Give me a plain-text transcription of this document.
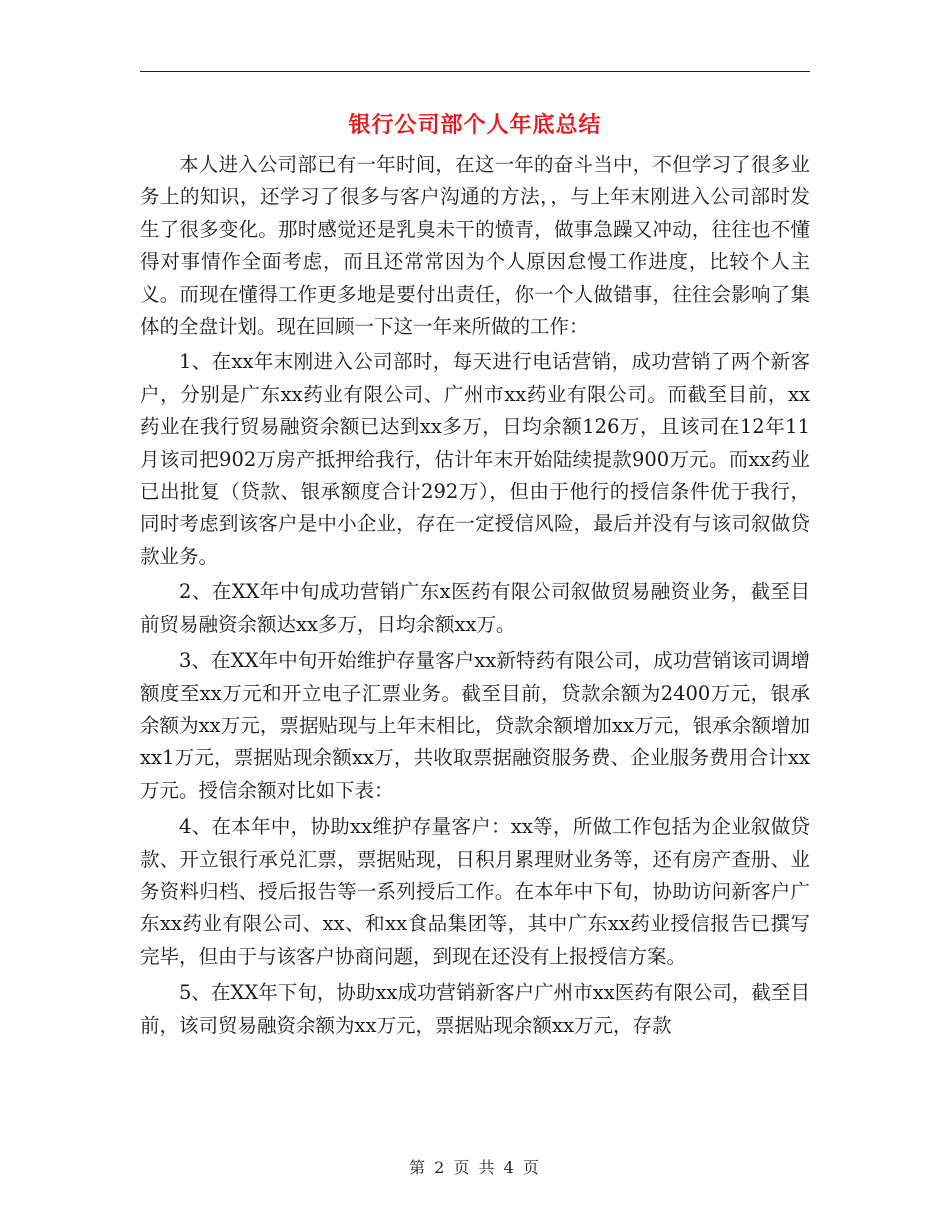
银行公司部个人年底总结

本人进入公司部已有一年时间，在这一年的奋斗当中，不但学习了很多业务上的知识，还学习了很多与客户沟通的方法，，与上年末刚进入公司部时发生了很多变化。那时感觉还是乳臭未干的愤青，做事急躁又冲动，往往也不懂得对事情作全面考虑，而且还常常因为个人原因怠慢工作进度，比较个人主义。而现在懂得工作更多地是要付出责任，你一个人做错事，往往会影响了集体的全盘计划。现在回顾一下这一年来所做的工作：

1、在xx年末刚进入公司部时，每天进行电话营销，成功营销了两个新客户，分别是广东xx药业有限公司、广州市xx药业有限公司。而截至目前，xx药业在我行贸易融资余额已达到xx多万，日均余额126万，且该司在12年11月该司把902万房产抵押给我行，估计年末开始陆续提款900万元。而xx药业已出批复（贷款、银承额度合计292万），但由于他行的授信条件优于我行，同时考虑到该客户是中小企业，存在一定授信风险，最后并没有与该司叙做贷款业务。

2、在XX年中旬成功营销广东x医药有限公司叙做贸易融资业务，截至目前贸易融资余额达xx多万，日均余额xx万。

3、在XX年中旬开始维护存量客户xx新特药有限公司，成功营销该司调增额度至xx万元和开立电子汇票业务。截至目前，贷款余额为2400万元，银承余额为xx万元，票据贴现与上年末相比，贷款余额增加xx万元，银承余额增加xx1万元，票据贴现余额xx万，共收取票据融资服务费、企业服务费用合计xx万元。授信余额对比如下表：

4、在本年中，协助xx维护存量客户：xx等，所做工作包括为企业叙做贷款、开立银行承兑汇票，票据贴现，日积月累理财业务等，还有房产查册、业务资料归档、授后报告等一系列授后工作。在本年中下旬，协助访问新客户广东xx药业有限公司、xx、和xx食品集团等，其中广东xx药业授信报告已撰写完毕，但由于与该客户协商问题，到现在还没有上报授信方案。

5、在XX年下旬，协助xx成功营销新客户广州市xx医药有限公司，截至目前，该司贸易融资余额为xx万元，票据贴现余额xx万元，存款

第 2 页 共 4 页
